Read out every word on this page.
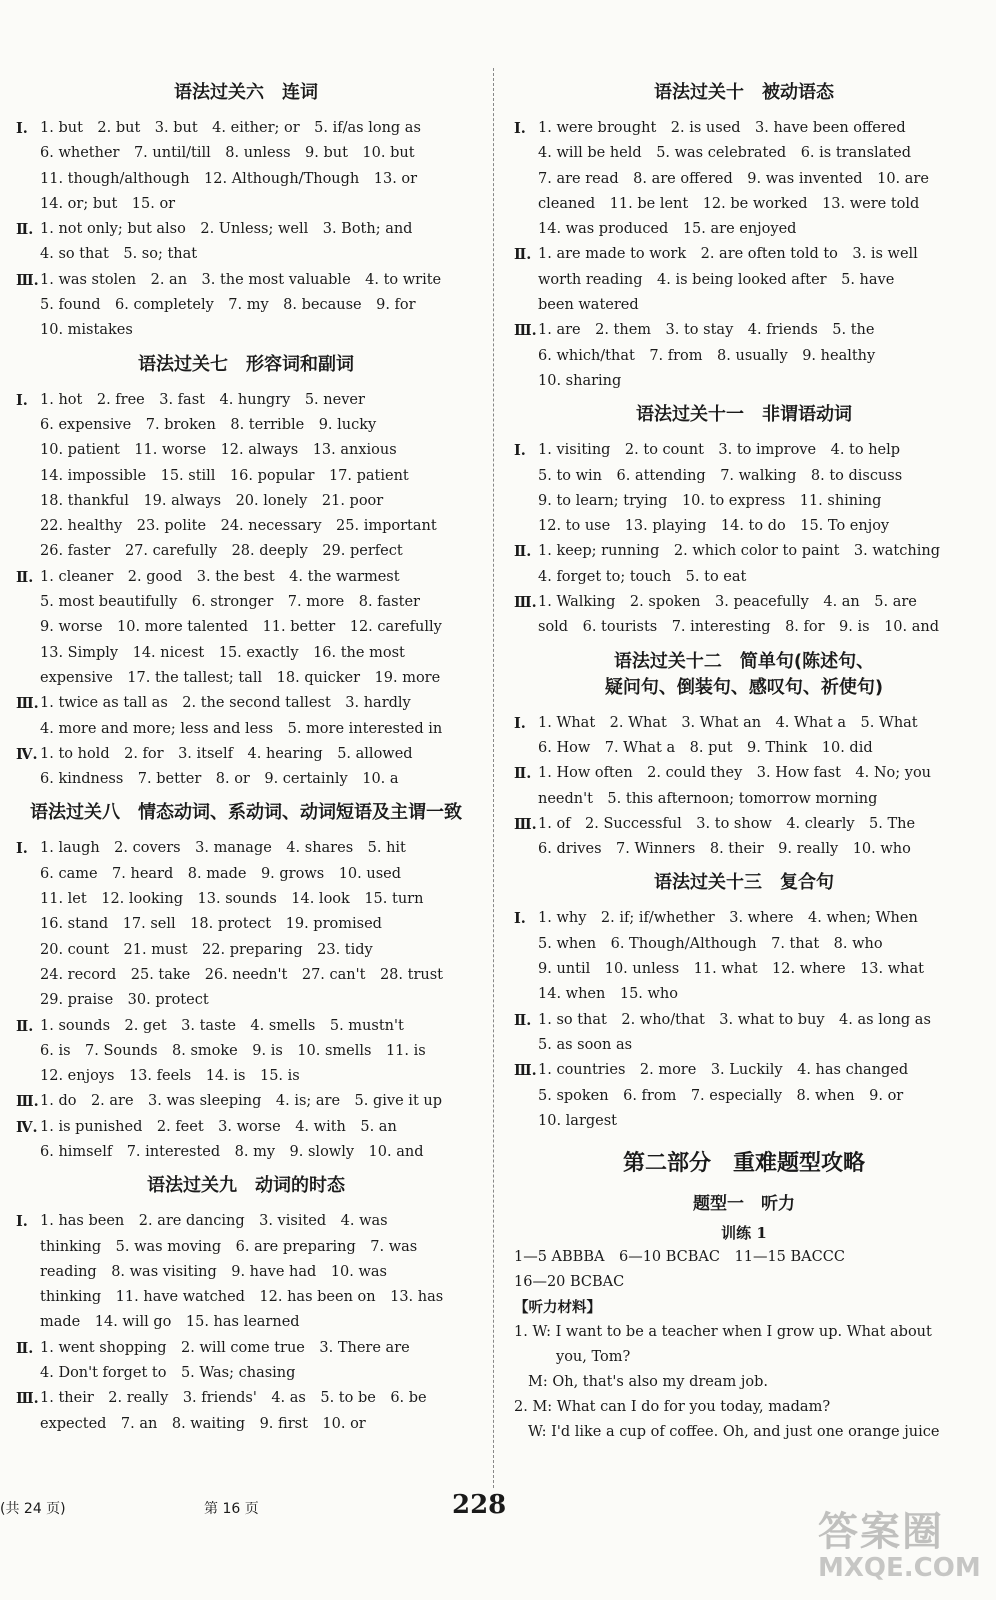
语法过关六　连词
Ⅰ. 1. but　2. but　3. but　4. either; or　5. if/as long as
6. whether　7. until/till　8. unless　9. but　10. but
11. though/although　12. Although/Though　13. or
14. or; but　15. or
Ⅱ. 1. not only; but also　2. Unless; well　3. Both; and
4. so that　5. so; that
Ⅲ. 1. was stolen　2. an　3. the most valuable　4. to write
5. found　6. completely　7. my　8. because　9. for
10. mistakes
语法过关七　形容词和副词
Ⅰ. 1. hot　2. free　3. fast　4. hungry　5. never
6. expensive　7. broken　8. terrible　9. lucky
10. patient　11. worse　12. always　13. anxious
14. impossible　15. still　16. popular　17. patient
18. thankful　19. always　20. lonely　21. poor
22. healthy　23. polite　24. necessary　25. important
26. faster　27. carefully　28. deeply　29. perfect
Ⅱ. 1. cleaner　2. good　3. the best　4. the warmest
5. most beautifully　6. stronger　7. more　8. faster
9. worse　10. more talented　11. better　12. carefully
13. Simply　14. nicest　15. exactly　16. the most
expensive　17. the tallest; tall　18. quicker　19. more
Ⅲ. 1. twice as tall as　2. the second tallest　3. hardly
4. more and more; less and less　5. more interested in
Ⅳ. 1. to hold　2. for　3. itself　4. hearing　5. allowed
6. kindness　7. better　8. or　9. certainly　10. a
语法过关八　情态动词、系动词、动词短语及主谓一致
Ⅰ. 1. laugh　2. covers　3. manage　4. shares　5. hit
6. came　7. heard　8. made　9. grows　10. used
11. let　12. looking　13. sounds　14. look　15. turn
16. stand　17. sell　18. protect　19. promised
20. count　21. must　22. preparing　23. tidy
24. record　25. take　26. needn't　27. can't　28. trust
29. praise　30. protect
Ⅱ. 1. sounds　2. get　3. taste　4. smells　5. mustn't
6. is　7. Sounds　8. smoke　9. is　10. smells　11. is
12. enjoys　13. feels　14. is　15. is
Ⅲ. 1. do　2. are　3. was sleeping　4. is; are　5. give it up
Ⅳ. 1. is punished　2. feet　3. worse　4. with　5. an
6. himself　7. interested　8. my　9. slowly　10. and
语法过关九　动词的时态
Ⅰ. 1. has been　2. are dancing　3. visited　4. was
thinking　5. was moving　6. are preparing　7. was
reading　8. was visiting　9. have had　10. was
thinking　11. have watched　12. has been on　13. has
made　14. will go　15. has learned
Ⅱ. 1. went shopping　2. will come true　3. There are
4. Don't forget to　5. Was; chasing
Ⅲ. 1. their　2. really　3. friends'　4. as　5. to be　6. be
expected　7. an　8. waiting　9. first　10. or
语法过关十　被动语态
Ⅰ. 1. were brought　2. is used　3. have been offered
4. will be held　5. was celebrated　6. is translated
7. are read　8. are offered　9. was invented　10. are
cleaned　11. be lent　12. be worked　13. were told
14. was produced　15. are enjoyed
Ⅱ. 1. are made to work　2. are often told to　3. is well
worth reading　4. is being looked after　5. have
been watered
Ⅲ. 1. are　2. them　3. to stay　4. friends　5. the
6. which/that　7. from　8. usually　9. healthy
10. sharing
语法过关十一　非谓语动词
Ⅰ. 1. visiting　2. to count　3. to improve　4. to help
5. to win　6. attending　7. walking　8. to discuss
9. to learn; trying　10. to express　11. shining
12. to use　13. playing　14. to do　15. To enjoy
Ⅱ. 1. keep; running　2. which color to paint　3. watching
4. forget to; touch　5. to eat
Ⅲ. 1. Walking　2. spoken　3. peacefully　4. an　5. are
sold　6. tourists　7. interesting　8. for　9. is　10. and
语法过关十二　简单句(陈述句、
疑问句、倒装句、感叹句、祈使句)
Ⅰ. 1. What　2. What　3. What an　4. What a　5. What
6. How　7. What a　8. put　9. Think　10. did
Ⅱ. 1. How often　2. could they　3. How fast　4. No; you
needn't　5. this afternoon; tomorrow morning
Ⅲ. 1. of　2. Successful　3. to show　4. clearly　5. The
6. drives　7. Winners　8. their　9. really　10. who
语法过关十三　复合句
Ⅰ. 1. why　2. if; if/whether　3. where　4. when; When
5. when　6. Though/Although　7. that　8. who
9. until　10. unless　11. what　12. where　13. what
14. when　15. who
Ⅱ. 1. so that　2. who/that　3. what to buy　4. as long as
5. as soon as
Ⅲ. 1. countries　2. more　3. Luckily　4. has changed
5. spoken　6. from　7. especially　8. when　9. or
10. largest
第二部分　重难题型攻略
题型一　听力
训练 1
1—5 ABBBA　6—10 BCBAC　11—15 BACCC
16—20 BCBAC
【听力材料】
1. W: I want to be a teacher when I grow up. What about
you, Tom?
M: Oh, that's also my dream job.
2. M: What can I do for you today, madam?
W: I'd like a cup of coffee. Oh, and just one orange juice
(共 24 页)	第 16 页	228
答案圈
MXQE.COM
